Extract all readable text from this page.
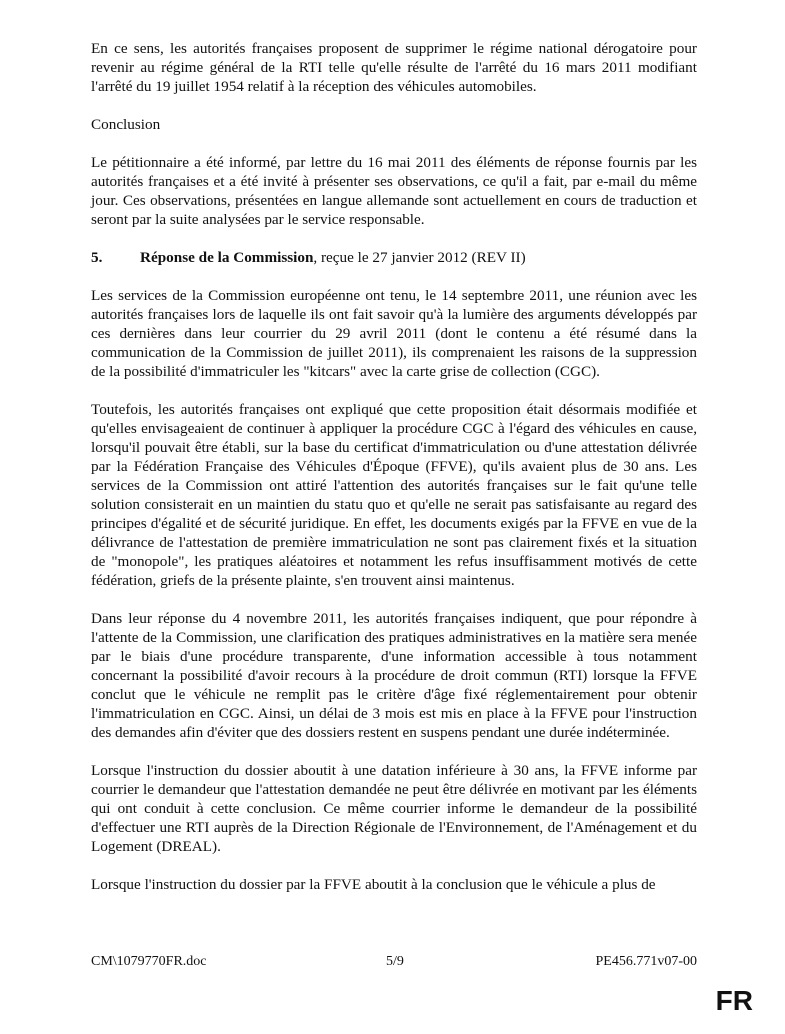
En ce sens, les autorités françaises proposent de supprimer le régime national dérogatoire pour revenir au régime général de la RTI telle qu'elle résulte de l'arrêté du 16 mars 2011 modifiant l'arrêté du 19 juillet 1954 relatif à la réception des véhicules automobiles.

Conclusion

Le pétitionnaire a été informé, par lettre du 16 mai 2011 des éléments de réponse fournis par les autorités françaises et a été invité à présenter ses observations, ce qu'il a fait, par e-mail du même jour. Ces observations, présentées en langue allemande sont actuellement en cours de traduction et seront par la suite analysées par le service responsable.

5.	Réponse de la Commission, reçue le 27 janvier 2012 (REV II)

Les services de la Commission européenne ont tenu, le 14 septembre 2011, une réunion avec les autorités françaises lors de laquelle ils ont fait savoir qu'à la lumière des arguments développés par ces dernières dans leur courrier du 29 avril 2011 (dont le contenu a été résumé dans la communication de la Commission de juillet 2011), ils comprenaient les raisons de la suppression de la possibilité d'immatriculer les "kitcars" avec la carte grise de collection (CGC).

Toutefois, les autorités françaises ont expliqué que cette proposition était désormais modifiée et qu'elles envisageaient de continuer à appliquer la procédure CGC à l'égard des véhicules en cause, lorsqu'il pouvait être établi, sur la base du certificat d'immatriculation ou d'une attestation délivrée par la Fédération Française des Véhicules d'Époque (FFVE), qu'ils avaient plus de 30 ans. Les services de la Commission ont attiré l'attention des autorités françaises sur le fait qu'une telle solution consisterait en un maintien du statu quo et qu'elle ne serait pas satisfaisante au regard des principes d'égalité et de sécurité juridique. En effet, les documents exigés par la FFVE en vue de la délivrance de l'attestation de première immatriculation ne sont pas clairement fixés et la situation de "monopole", les pratiques aléatoires et notamment les refus insuffisamment motivés de cette fédération, griefs de la présente plainte, s'en trouvent ainsi maintenus.

Dans leur réponse du 4 novembre 2011, les autorités françaises indiquent, que pour répondre à l'attente de la Commission, une clarification des pratiques administratives en la matière sera menée par le biais d'une procédure transparente, d'une information accessible à tous notamment concernant la possibilité d'avoir recours à la procédure de droit commun (RTI) lorsque la FFVE conclut que le véhicule ne remplit pas le critère d'âge fixé réglementairement pour obtenir l'immatriculation en CGC. Ainsi, un délai de 3 mois est mis en place à la FFVE pour l'instruction des demandes afin d'éviter que des dossiers restent en suspens pendant une durée indéterminée.

Lorsque l'instruction du dossier aboutit à une datation inférieure à 30 ans, la FFVE informe par courrier le demandeur que l'attestation demandée ne peut être délivrée en motivant par les éléments qui ont conduit à cette conclusion. Ce même courrier informe le demandeur de la possibilité d'effectuer une RTI auprès de la Direction Régionale de l'Environnement, de l'Aménagement et du Logement (DREAL).

Lorsque l'instruction du dossier par la FFVE aboutit à la conclusion que le véhicule a plus de

CM\1079770FR.doc	5/9	PE456.771v07-00
FR
